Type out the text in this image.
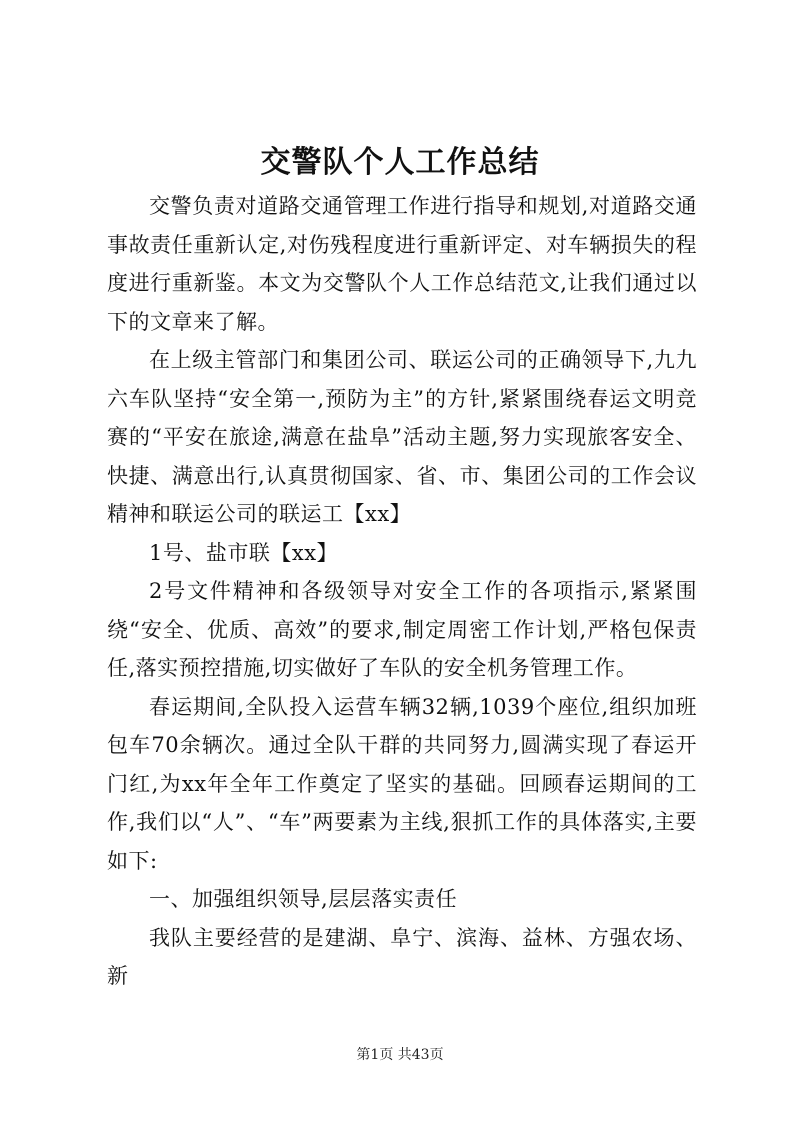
交警队个人工作总结

交警负责对道路交通管理工作进行指导和规划,对道路交通事故责任重新认定,对伤残程度进行重新评定、对车辆损失的程度进行重新鉴。本文为交警队个人工作总结范文,让我们通过以下的文章来了解。

在上级主管部门和集团公司、联运公司的正确领导下,九九六车队坚持“安全第一,预防为主”的方针,紧紧围绕春运文明竞赛的“平安在旅途,满意在盐阜”活动主题,努力实现旅客安全、快捷、满意出行,认真贯彻国家、省、市、集团公司的工作会议精神和联运公司的联运工【xx】

1号、盐市联【xx】

2号文件精神和各级领导对安全工作的各项指示,紧紧围绕“安全、优质、高效”的要求,制定周密工作计划,严格包保责任,落实预控措施,切实做好了车队的安全机务管理工作。

春运期间,全队投入运营车辆32辆,1039个座位,组织加班包车70余辆次。通过全队干群的共同努力,圆满实现了春运开门红,为xx年全年工作奠定了坚实的基础。回顾春运期间的工作,我们以“人”、“车”两要素为主线,狠抓工作的具体落实,主要如下:

一、加强组织领导,层层落实责任

我队主要经营的是建湖、阜宁、滨海、益林、方强农场、新

第1页 共43页
